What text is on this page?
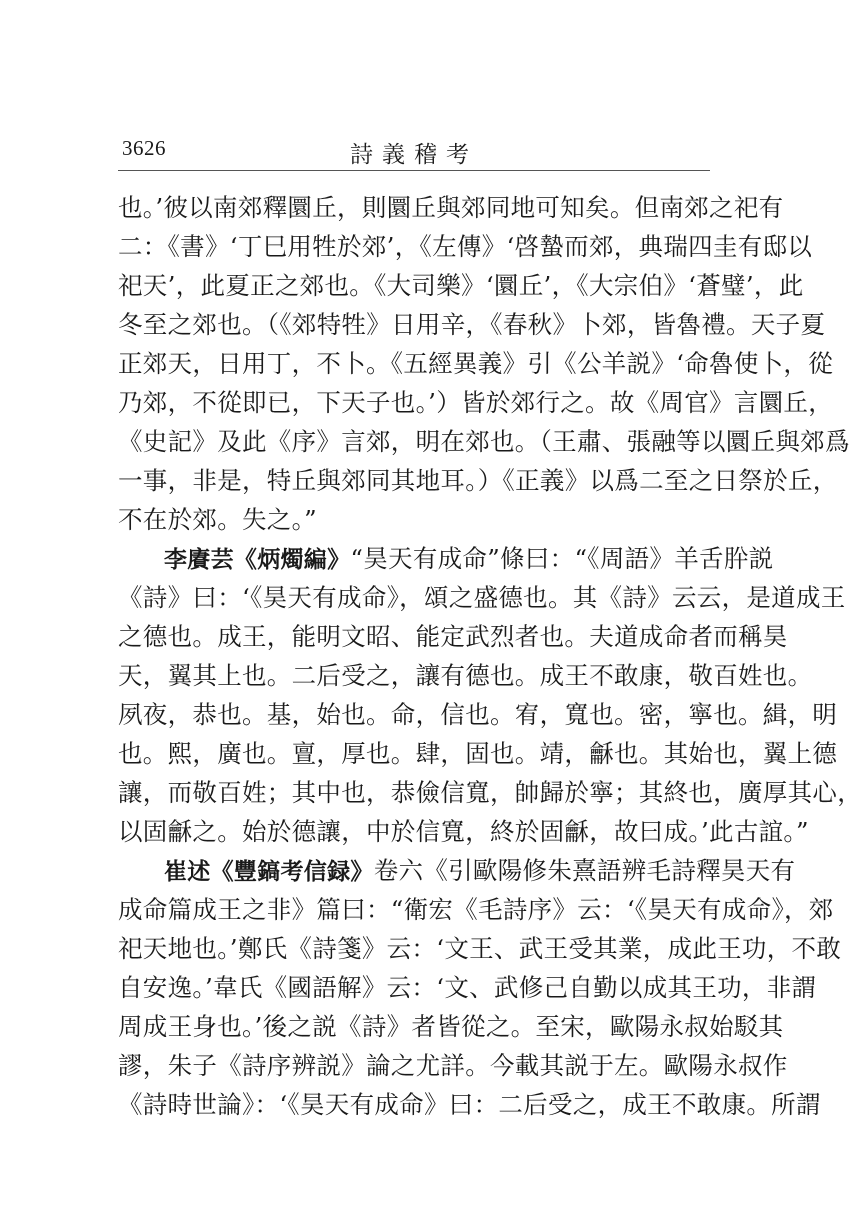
3626	詩義稽考
也。’彼以南郊釋圜丘，則圜丘與郊同地可知矣。但南郊之祀有
二：《書》‘丁巳用牲於郊’，《左傳》‘啓蟄而郊，典瑞四圭有邸以
祀天’，此夏正之郊也。《大司樂》‘圜丘’，《大宗伯》‘蒼璧’，此
冬至之郊也。（《郊特牲》日用辛，《春秋》卜郊，皆魯禮。天子夏
正郊天，日用丁，不卜。《五經異義》引《公羊説》‘命魯使卜，從
乃郊，不從即已，下天子也。’）皆於郊行之。故《周官》言圜丘，
《史記》及此《序》言郊，明在郊也。（王肅、張融等以圜丘與郊爲
一事，非是，特丘與郊同其地耳。）《正義》以爲二至之日祭於丘，
不在於郊。失之。”
李賡芸《炳燭編》“昊天有成命”條曰：“《周語》羊舌肸説
《詩》曰：‘《昊天有成命》，頌之盛德也。其《詩》云云，是道成王
之德也。成王，能明文昭、能定武烈者也。夫道成命者而稱昊
天，翼其上也。二后受之，讓有德也。成王不敢康，敬百姓也。
夙夜，恭也。基，始也。命，信也。宥，寬也。密，寧也。緝，明
也。熙，廣也。亶，厚也。肆，固也。靖，龢也。其始也，翼上德
讓，而敬百姓；其中也，恭儉信寬，帥歸於寧；其終也，廣厚其心，
以固龢之。始於德讓，中於信寬，終於固龢，故曰成。’此古誼。”
崔述《豐鎬考信録》卷六《引歐陽修朱熹語辨毛詩釋昊天有
成命篇成王之非》篇曰：“衛宏《毛詩序》云：‘《昊天有成命》，郊
祀天地也。’鄭氏《詩箋》云：‘文王、武王受其業，成此王功，不敢
自安逸。’韋氏《國語解》云：‘文、武修己自勤以成其王功，非謂
周成王身也。’後之説《詩》者皆從之。至宋，歐陽永叔始駁其
謬，朱子《詩序辨説》論之尤詳。今載其説于左。歐陽永叔作
《詩時世論》：‘《昊天有成命》曰：二后受之，成王不敢康。所謂
